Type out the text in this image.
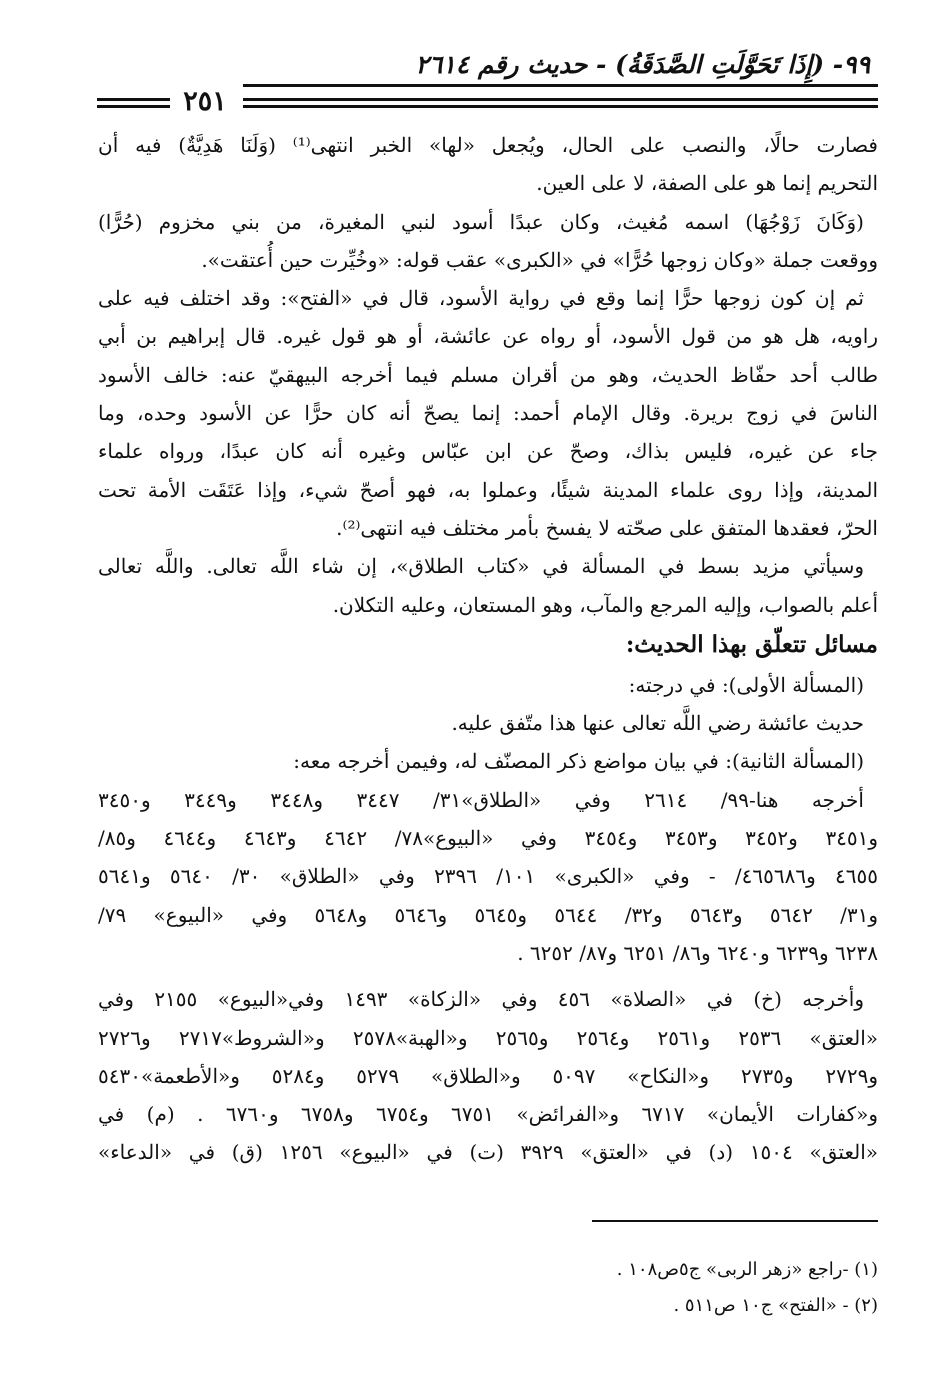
٩٩- (إِذَا تَحَوَّلَتِ الصَّدَقَةُ) - حديث رقم ٢٦١٤
٢٥١
فصارت حالًا، والنصب على الحال، ويُجعل «لها» الخبر انتهى⁽¹⁾ (وَلَنَا هَدِيَّةٌ) فيه أن
التحريم إنما هو على الصفة، لا على العين.
(وَكَانَ زَوْجُهَا) اسمه مُغيث، وكان عبدًا أسود لنبي المغيرة، من بني مخزوم (حُرًّا)
ووقعت جملة «وكان زوجها حُرًّا» في «الكبرى» عقب قوله: «وخُيِّرت حين أُعتقت».
ثم إن كون زوجها حرًّا إنما وقع في رواية الأسود، قال في «الفتح»: وقد اختلف فيه على
راويه، هل هو من قول الأسود، أو رواه عن عائشة، أو هو قول غيره. قال إبراهيم بن أبي
طالب أحد حفّاظ الحديث، وهو من أقران مسلم فيما أخرجه البيهقيّ عنه: خالف الأسود
الناسَ في زوج بريرة. وقال الإمام أحمد: إنما يصحّ أنه كان حرًّا عن الأسود وحده، وما
جاء عن غيره، فليس بذاك، وصحّ عن ابن عبّاس وغيره أنه كان عبدًا، ورواه علماء
المدينة، وإذا روى علماء المدينة شيئًا، وعملوا به، فهو أصحّ شيء، وإذا عَتَقَت الأمة تحت
الحرّ، فعقدها المتفق على صحّته لا يفسخ بأمر مختلف فيه انتهى⁽²⁾.
وسيأتي مزيد بسط في المسألة في «كتاب الطلاق»، إن شاء اللَّه تعالى. واللَّه تعالى
أعلم بالصواب، وإليه المرجع والمآب، وهو المستعان، وعليه التكلان.
مسائل تتعلّق بهذا الحديث:
(المسألة الأولى): في درجته:
حديث عائشة رضي اللَّه تعالى عنها هذا متّفق عليه.
(المسألة الثانية): في بيان مواضع ذكر المصنّف له، وفيمن أخرجه معه:
أخرجه هنا-٩٩/ ٢٦١٤ وفي «الطلاق»٣١/ ٣٤٤٧ و٣٤٤٨ و٣٤٤٩ و٣٤٥٠
و٣٤٥١ و٣٤٥٢ و٣٤٥٣ و٣٤٥٤ وفي «البيوع»٧٨/ ٤٦٤٢ و٤٦٤٣ و٤٦٤٤ و٨٥/
٤٦٥٥ و٤٦٥٦٨٦/ - وفي «الكبرى» ١٠١/ ٢٣٩٦ وفي «الطلاق» ٣٠/ ٥٦٤٠ و٥٦٤١
و٣١/ ٥٦٤٢ و٥٦٤٣ و٣٢/ ٥٦٤٤ و٥٦٤٥ و٥٦٤٦ و٥٦٤٨ وفي «البيوع» ٧٩/
٦٢٣٨ و٦٢٣٩ و٦٢٤٠ و٨٦/ ٦٢٥١ و٨٧/ ٦٢٥٢ .
وأخرجه (خ) في «الصلاة» ٤٥٦ وفي «الزكاة» ١٤٩٣ وفي«البيوع» ٢١٥٥ وفي
«العتق» ٢٥٣٦ و٢٥٦١ و٢٥٦٤ و٢٥٦٥ و«الهبة»٢٥٧٨ و«الشروط»٢٧١٧ و٢٧٢٦
و٢٧٢٩ و٢٧٣٥ و«النكاح» ٥٠٩٧ و«الطلاق» ٥٢٧٩ و٥٢٨٤ و«الأطعمة»٥٤٣٠
و«كفارات الأيمان» ٦٧١٧ و«الفرائض» ٦٧٥١ و٦٧٥٤ و٦٧٥٨ و٦٧٦٠ . (م) في
«العتق» ١٥٠٤ (د) في «العتق» ٣٩٢٩ (ت) في «البيوع» ١٢٥٦ (ق) في «الدعاء»
(١) -راجع «زهر الربى» ج٥ص١٠٨ .
(٢) - «الفتح» ج١٠ ص٥١١ .
